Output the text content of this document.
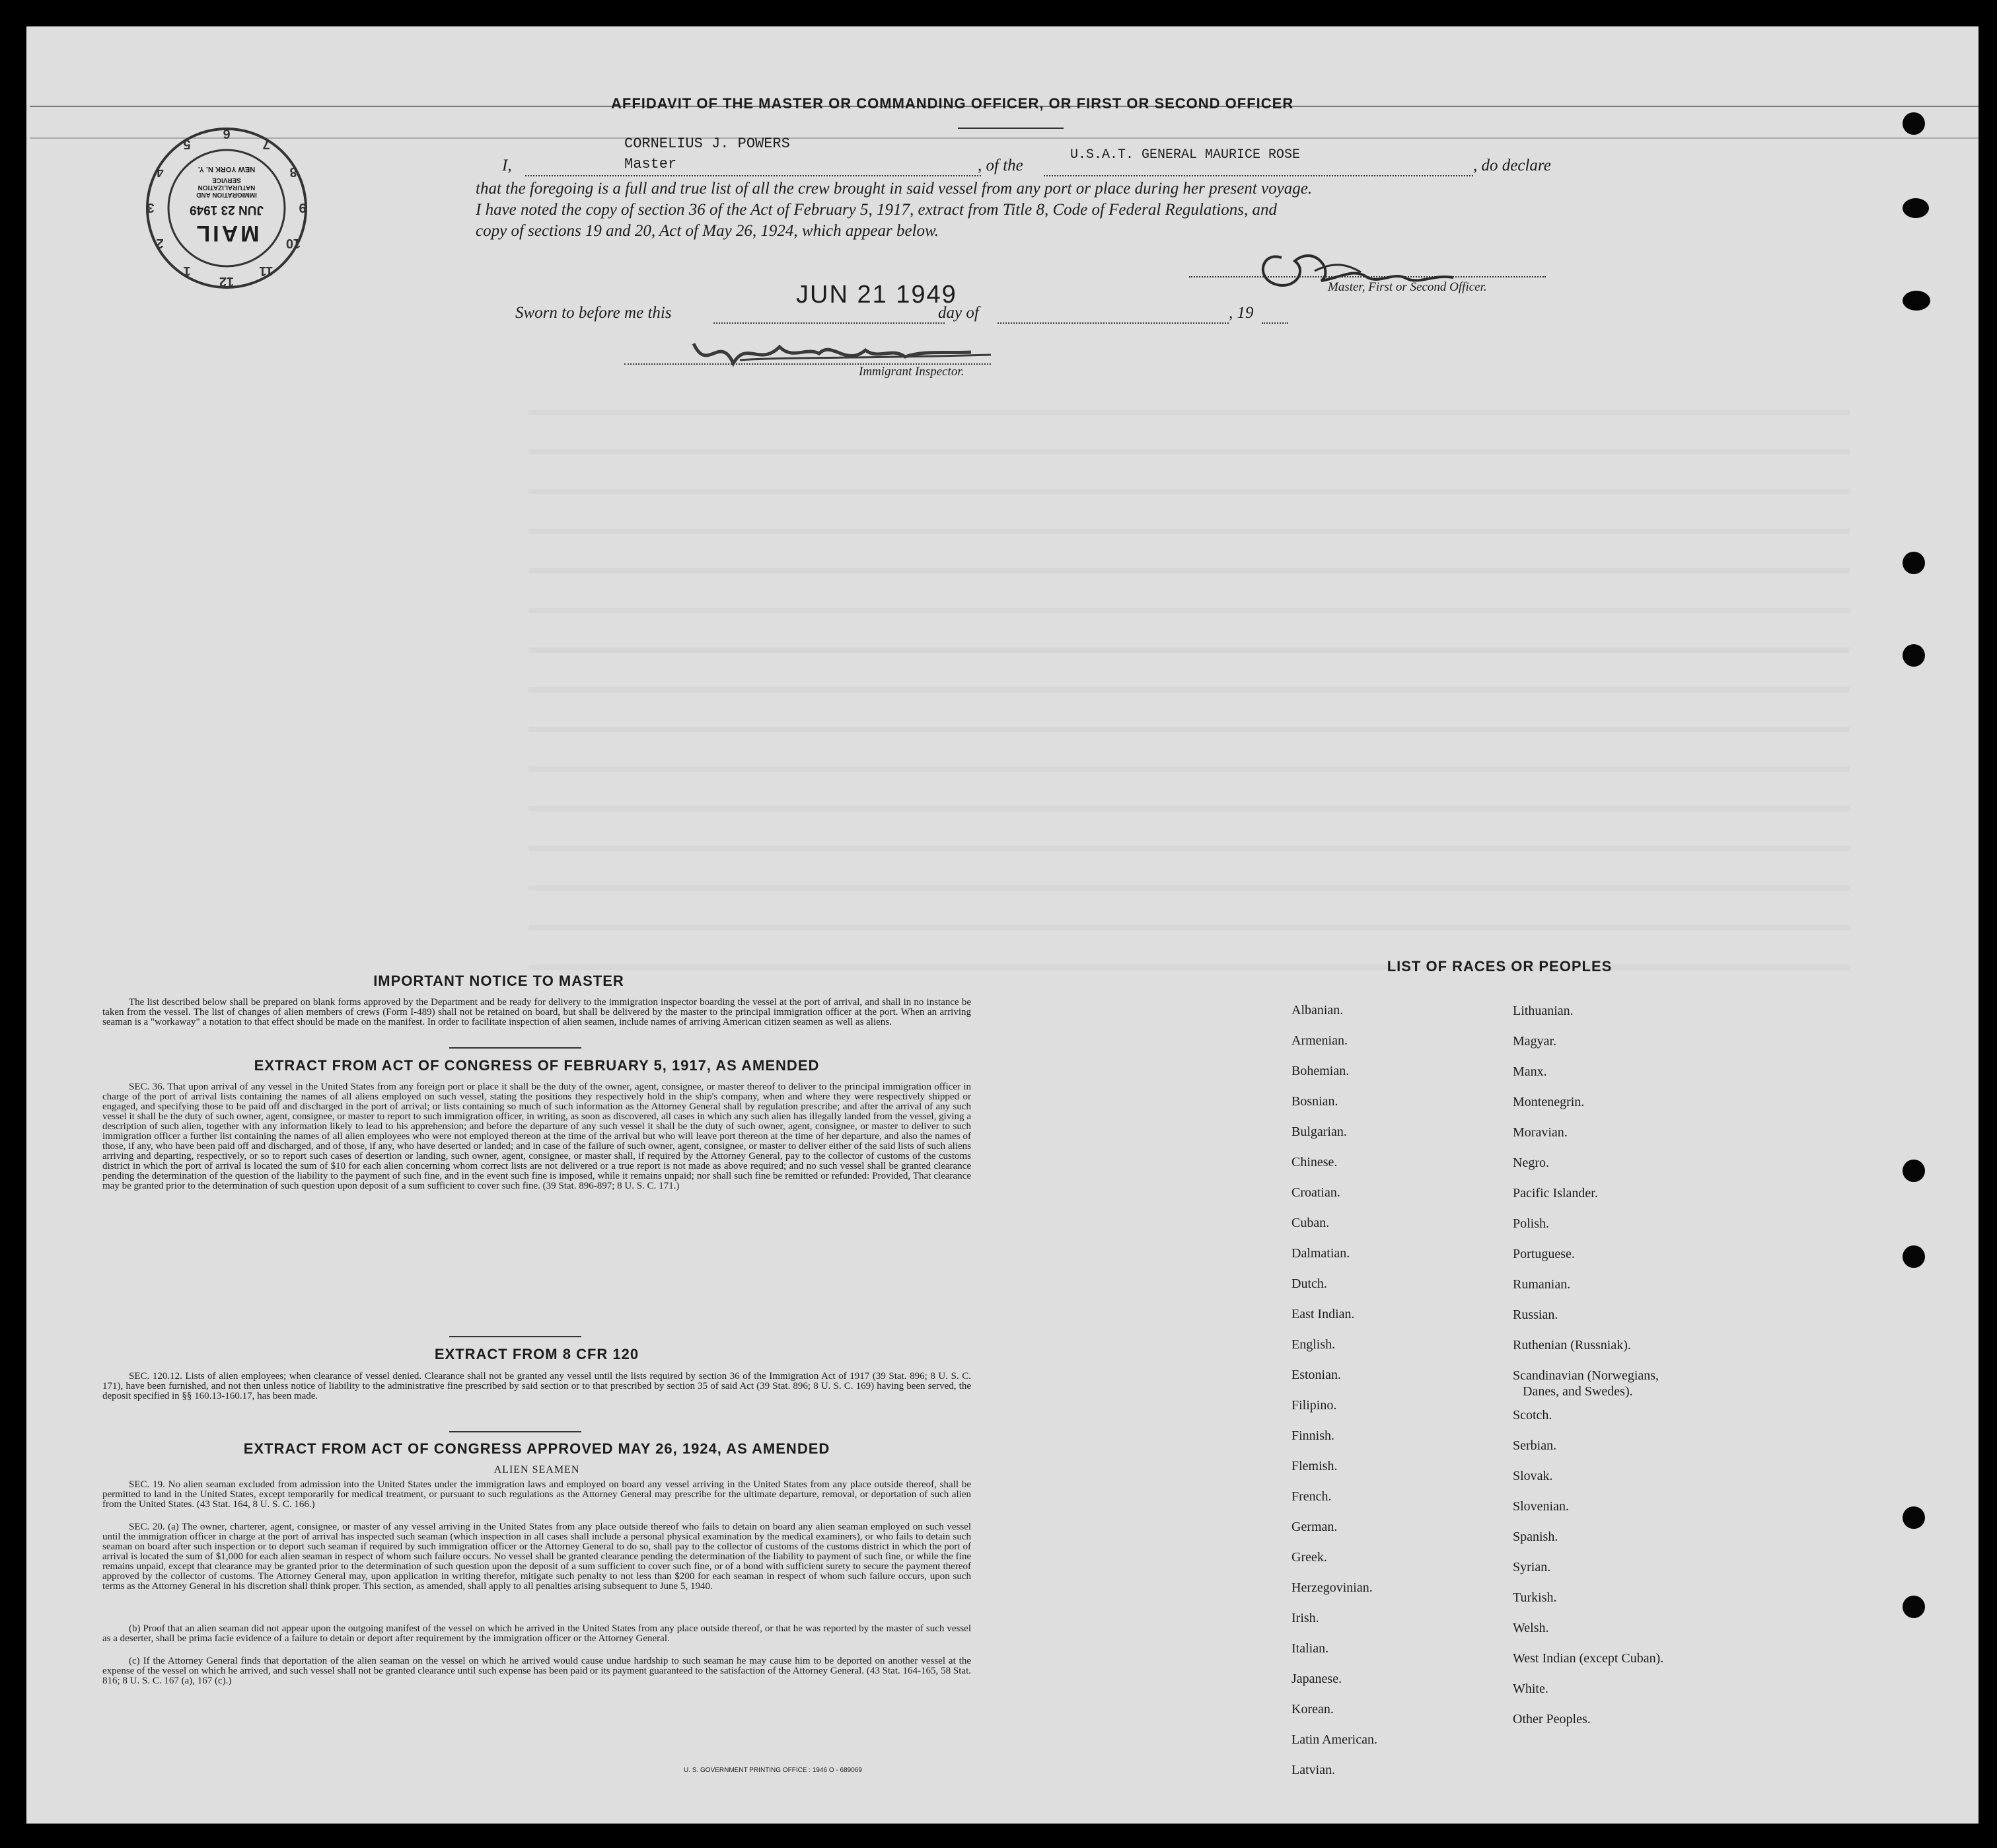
AFFIDAVIT OF THE MASTER OR COMMANDING OFFICER, OR FIRST OR SECOND OFFICER
12
1
2
3
4
5
6
7
8
9
10
11
MAIL
JUN 23 1949
IMMIGRATION AND NATURALIZATION SERVICE
NEW YORK N. Y.
CORNELIUS J. POWERS
I,	Master	, of the
U.S.A.T. GENERAL MAURICE ROSE
, do declare
that the foregoing is a full and true list of all the crew brought in said vessel from any port or place during her present voyage.
I have noted the copy of section 36 of the Act of February 5, 1917, extract from Title 8, Code of Federal Regulations, and
copy of sections 19 and 20, Act of May 26, 1924, which appear below.
Master, First or Second Officer.
Sworn to before me this
JUN 21 1949
day of	, 19
Immigrant Inspector.
IMPORTANT NOTICE TO MASTER
The list described below shall be prepared on blank forms approved by the Department and be ready for delivery to the immigration inspector boarding the vessel at the port of arrival, and shall in no instance be taken from the vessel. The list of changes of alien members of crews (Form I-489) shall not be retained on board, but shall be delivered by the master to the principal immigration officer at the port. When an arriving seaman is a "workaway" a notation to that effect should be made on the manifest. In order to facilitate inspection of alien seamen, include names of arriving American citizen seamen as well as aliens.
EXTRACT FROM ACT OF CONGRESS OF FEBRUARY 5, 1917, AS AMENDED
SEC. 36. That upon arrival of any vessel in the United States from any foreign port or place it shall be the duty of the owner, agent, consignee, or master thereof to deliver to the principal immigration officer in charge of the port of arrival lists containing the names of all aliens employed on such vessel, stating the positions they respectively hold in the ship's company, when and where they were respectively shipped or engaged, and specifying those to be paid off and discharged in the port of arrival; or lists containing so much of such information as the Attorney General shall by regulation prescribe; and after the arrival of any such vessel it shall be the duty of such owner, agent, consignee, or master to report to such immigration officer, in writing, as soon as discovered, all cases in which any such alien has illegally landed from the vessel, giving a description of such alien, together with any information likely to lead to his apprehension; and before the departure of any such vessel it shall be the duty of such owner, agent, consignee, or master to deliver to such immigration officer a further list containing the names of all alien employees who were not employed thereon at the time of the arrival but who will leave port thereon at the time of her departure, and also the names of those, if any, who have been paid off and discharged, and of those, if any, who have deserted or landed; and in case of the failure of such owner, agent, consignee, or master to deliver either of the said lists of such aliens arriving and departing, respectively, or so to report such cases of desertion or landing, such owner, agent, consignee, or master shall, if required by the Attorney General, pay to the collector of customs of the customs district in which the port of arrival is located the sum of $10 for each alien concerning whom correct lists are not delivered or a true report is not made as above required; and no such vessel shall be granted clearance pending the determination of the question of the liability to the payment of such fine, and in the event such fine is imposed, while it remains unpaid; nor shall such fine be remitted or refunded: Provided, That clearance may be granted prior to the determination of such question upon deposit of a sum sufficient to cover such fine. (39 Stat. 896-897; 8 U. S. C. 171.)
EXTRACT FROM 8 CFR 120
SEC. 120.12. Lists of alien employees; when clearance of vessel denied. Clearance shall not be granted any vessel until the lists required by section 36 of the Immigration Act of 1917 (39 Stat. 896; 8 U. S. C. 171), have been furnished, and not then unless notice of liability to the administrative fine prescribed by said section or to that prescribed by section 35 of said Act (39 Stat. 896; 8 U. S. C. 169) having been served, the deposit specified in §§ 160.13-160.17, has been made.
EXTRACT FROM ACT OF CONGRESS APPROVED MAY 26, 1924, AS AMENDED
ALIEN SEAMEN
SEC. 19. No alien seaman excluded from admission into the United States under the immigration laws and employed on board any vessel arriving in the United States from any place outside thereof, shall be permitted to land in the United States, except temporarily for medical treatment, or pursuant to such regulations as the Attorney General may prescribe for the ultimate departure, removal, or deportation of such alien from the United States. (43 Stat. 164, 8 U. S. C. 166.)
SEC. 20. (a) The owner, charterer, agent, consignee, or master of any vessel arriving in the United States from any place outside thereof who fails to detain on board any alien seaman employed on such vessel until the immigration officer in charge at the port of arrival has inspected such seaman (which inspection in all cases shall include a personal physical examination by the medical examiners), or who fails to detain such seaman on board after such inspection or to deport such seaman if required by such immigration officer or the Attorney General to do so, shall pay to the collector of customs of the customs district in which the port of arrival is located the sum of $1,000 for each alien seaman in respect of whom such failure occurs. No vessel shall be granted clearance pending the determination of the liability to payment of such fine, or while the fine remains unpaid, except that clearance may be granted prior to the determination of such question upon the deposit of a sum sufficient to cover such fine, or of a bond with sufficient surety to secure the payment thereof approved by the collector of customs. The Attorney General may, upon application in writing therefor, mitigate such penalty to not less than $200 for each seaman in respect of whom such failure occurs, upon such terms as the Attorney General in his discretion shall think proper. This section, as amended, shall apply to all penalties arising subsequent to June 5, 1940.
(b) Proof that an alien seaman did not appear upon the outgoing manifest of the vessel on which he arrived in the United States from any place outside thereof, or that he was reported by the master of such vessel as a deserter, shall be prima facie evidence of a failure to detain or deport after requirement by the immigration officer or the Attorney General.
(c) If the Attorney General finds that deportation of the alien seaman on the vessel on which he arrived would cause undue hardship to such seaman he may cause him to be deported on another vessel at the expense of the vessel on which he arrived, and such vessel shall not be granted clearance until such expense has been paid or its payment guaranteed to the satisfaction of the Attorney General. (43 Stat. 164-165, 58 Stat. 816; 8 U. S. C. 167 (a), 167 (c).)
U. S. GOVERNMENT PRINTING OFFICE : 1946 O - 689069
LIST OF RACES OR PEOPLES
Albanian.
Armenian.
Bohemian.
Bosnian.
Bulgarian.
Chinese.
Croatian.
Cuban.
Dalmatian.
Dutch.
East Indian.
English.
Estonian.
Filipino.
Finnish.
Flemish.
French.
German.
Greek.
Herzegovinian.
Irish.
Italian.
Japanese.
Korean.
Latin American.
Latvian.
Lithuanian.
Magyar.
Manx.
Montenegrin.
Moravian.
Negro.
Pacific Islander.
Polish.
Portuguese.
Rumanian.
Russian.
Ruthenian (Russniak).
Scandinavian (Norwegians,
Danes, and Swedes).
Scotch.
Serbian.
Slovak.
Slovenian.
Spanish.
Syrian.
Turkish.
Welsh.
West Indian (except Cuban).
White.
Other Peoples.
